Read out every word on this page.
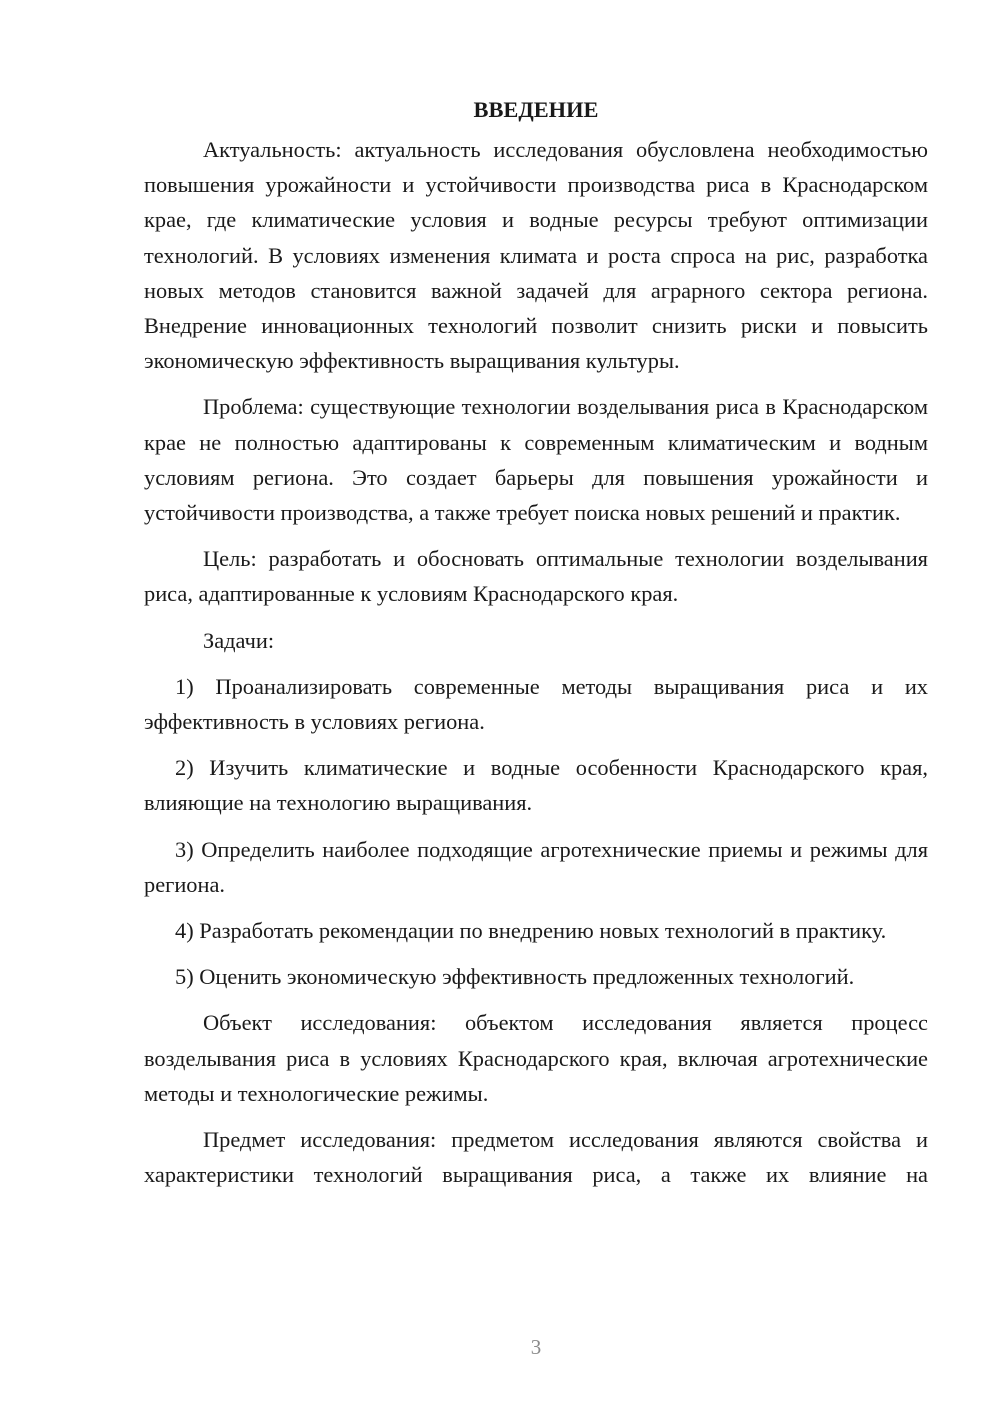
ВВЕДЕНИЕ

Актуальность: актуальность исследования обусловлена необходимостью повышения урожайности и устойчивости производства риса в Краснодарском крае, где климатические условия и водные ресурсы требуют оптимизации технологий. В условиях изменения климата и роста спроса на рис, разработка новых методов становится важной задачей для аграрного сектора региона. Внедрение инновационных технологий позволит снизить риски и повысить экономическую эффективность выращивания культуры.

Проблема: существующие технологии возделывания риса в Краснодарском крае не полностью адаптированы к современным климатическим и водным условиям региона. Это создает барьеры для повышения урожайности и устойчивости производства, а также требует поиска новых решений и практик.

Цель: разработать и обосновать оптимальные технологии возделывания риса, адаптированные к условиям Краснодарского края.

Задачи:

1) Проанализировать современные методы выращивания риса и их эффективность в условиях региона.

2) Изучить климатические и водные особенности Краснодарского края, влияющие на технологию выращивания.

3) Определить наиболее подходящие агротехнические приемы и режимы для региона.

4) Разработать рекомендации по внедрению новых технологий в практику.

5) Оценить экономическую эффективность предложенных технологий.

Объект исследования: объектом исследования является процесс возделывания риса в условиях Краснодарского края, включая агротехнические методы и технологические режимы.

Предмет исследования: предметом исследования являются свойства и характеристики технологий выращивания риса, а также их влияние на

3
